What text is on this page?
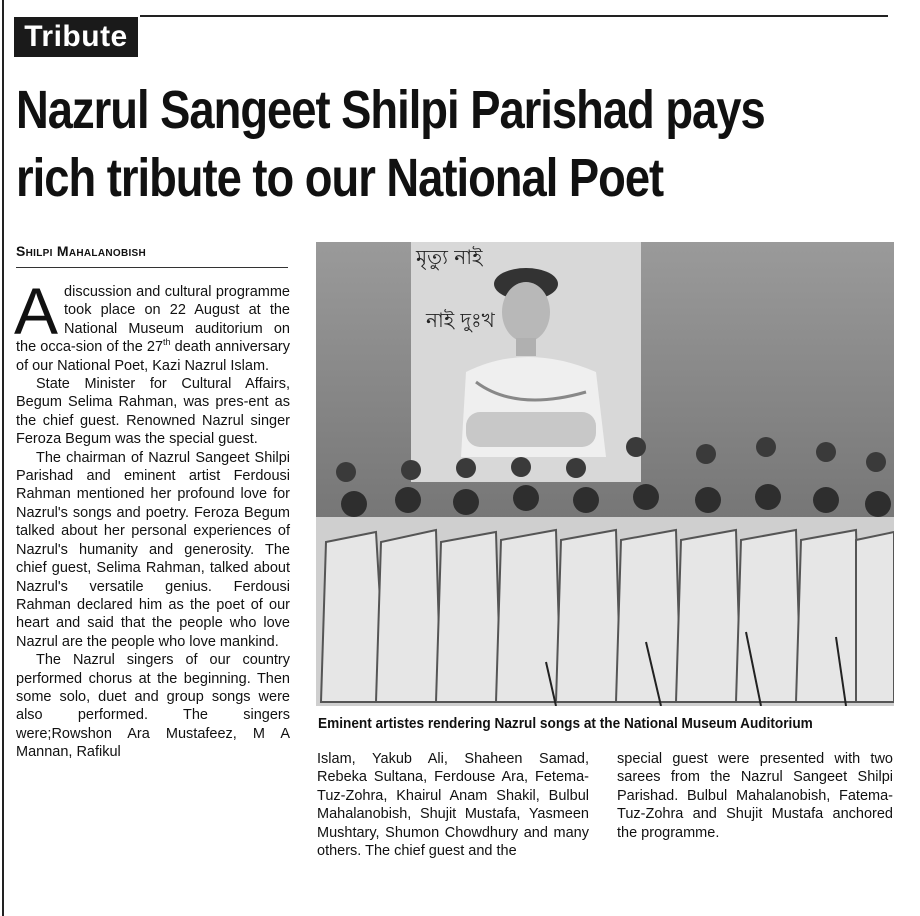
Tribute
Nazrul Sangeet Shilpi Parishad pays
rich tribute to our National Poet
Shilpi Mahalanobish

Adiscussion and cultural programme took place on 22 August at the National Museum auditorium on the occa-sion of the 27th death anniversary of our National Poet, Kazi Nazrul Islam.

State Minister for Cultural Affairs, Begum Selima Rahman, was pres-ent as the chief guest. Renowned Nazrul singer Feroza Begum was the special guest.

The chairman of Nazrul Sangeet Shilpi Parishad and eminent artist Ferdousi Rahman mentioned her profound love for Nazrul's songs and poetry. Feroza Begum talked about her personal experiences of Nazrul's humanity and generosity. The chief guest, Selima Rahman, talked about Nazrul's versatile genius. Ferdousi Rahman declared him as the poet of our heart and said that the people who love Nazrul are the people who love mankind.

The Nazrul singers of our country performed chorus at the beginning. Then some solo, duet and group songs were also performed. The singers were;Rowshon Ara Mustafeez, M A Mannan, Rafikul

মৃত্যু নাই
নাই দুঃখ
Eminent artistes rendering Nazrul songs at the National Museum Auditorium

Islam, Yakub Ali, Shaheen Samad, Rebeka Sultana, Ferdouse Ara, Fetema-Tuz-Zohra, Khairul Anam Shakil, Bulbul Mahalanobish, Shujit Mustafa, Yasmeen Mushtary, Shumon Chowdhury and many others. The chief guest and the

special guest were presented with two sarees from the Nazrul Sangeet Shilpi Parishad. Bulbul Mahalanobish, Fatema-Tuz-Zohra and Shujit Mustafa anchored the programme.
